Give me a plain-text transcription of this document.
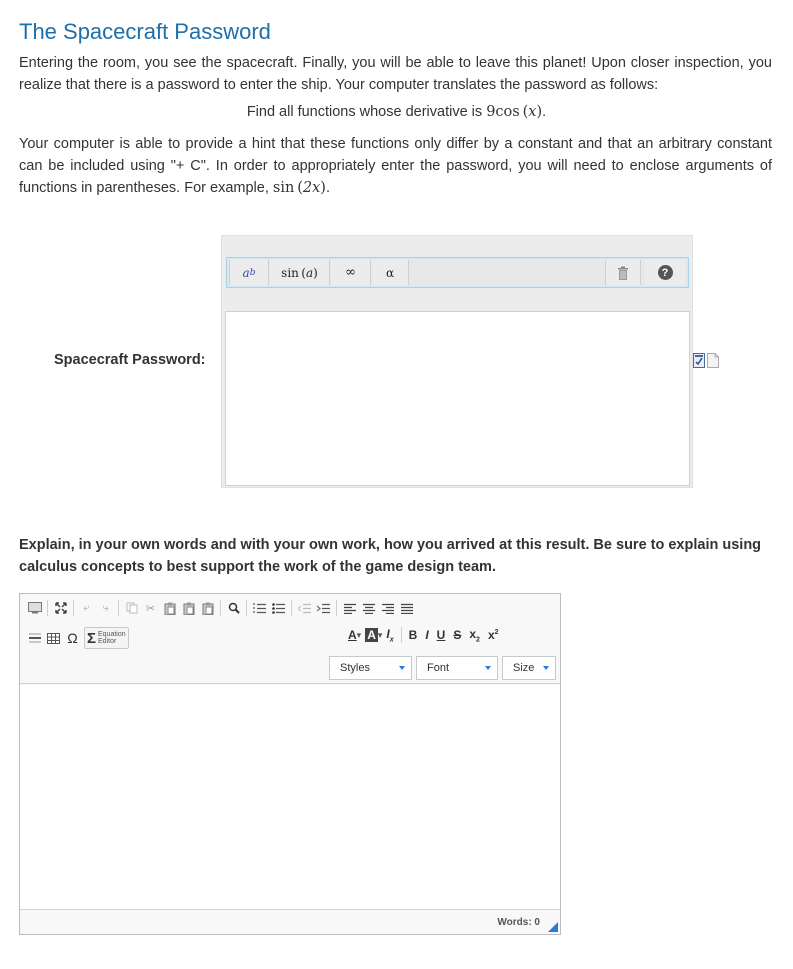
The Spacecraft Password
Entering the room, you see the spacecraft. Finally, you will be able to leave this planet! Upon closer inspection, you realize that there is a password to enter the ship. Your computer translates the password as follows:
Find all functions whose derivative is 9cos (x).
Your computer is able to provide a hint that these functions only differ by a constant and that an arbitrary constant can be included using "+ C". In order to appropriately enter the password, you will need to enclose arguments of functions in parentheses. For example, sin (2x).
Spacecraft Password:
a b sin  ( a )	∞	α	?
Explain, in your own words and with your own work, how you arrived at this result. Be sure to explain using calculus concepts to best support the work of the game design team.
Words: 0
⤶	⤷	✂
Ω Σ Equation
Editor	A ▾ A ▾ $I_x$ B I U S $x_2$ $x^2$
Styles	Font	Size
